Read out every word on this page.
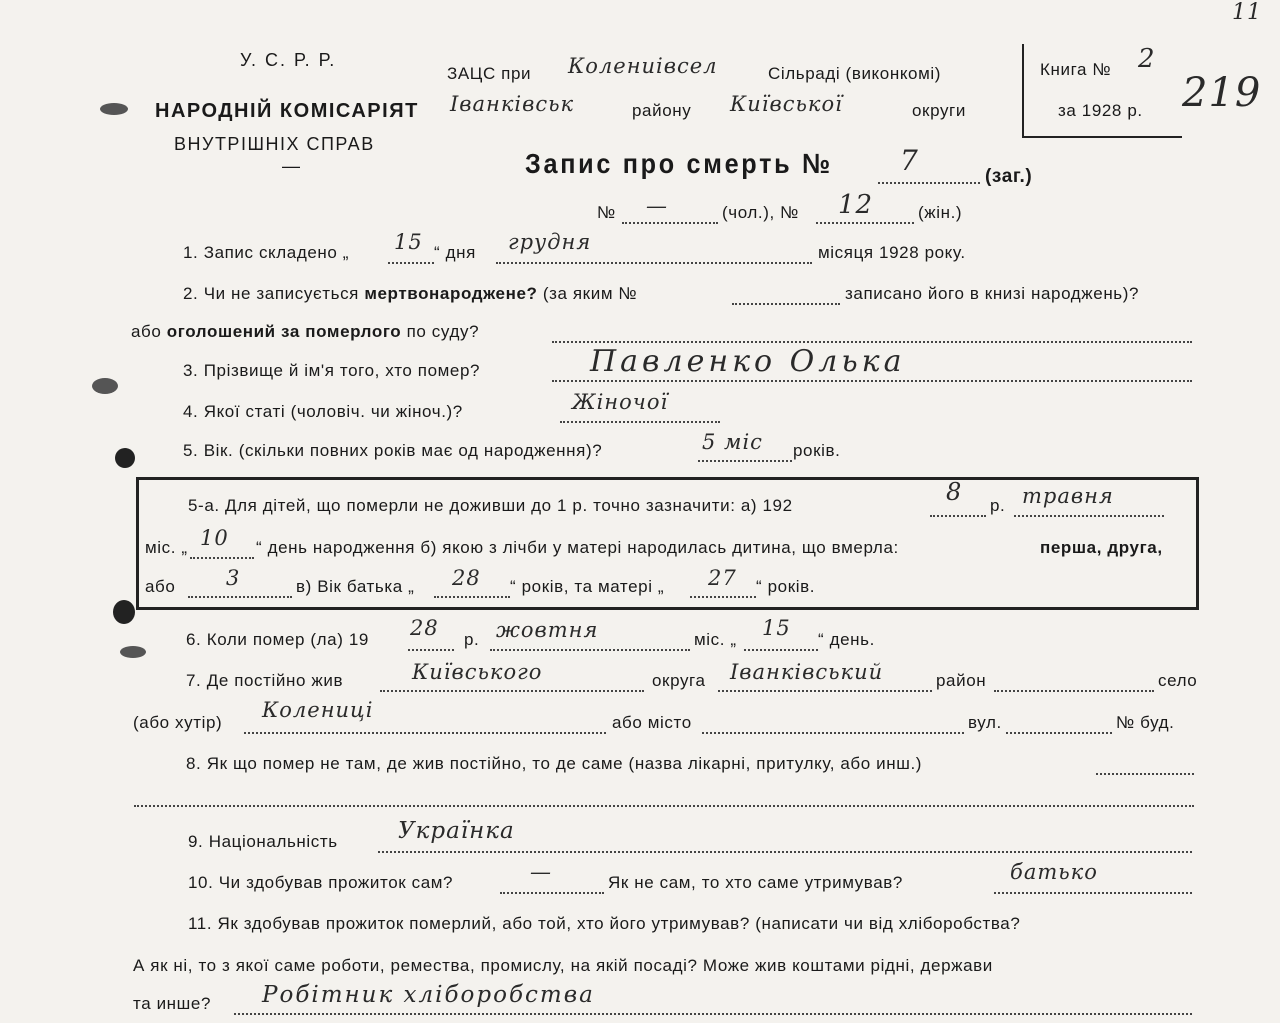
11
У. С. Р. Р.
НАРОДНІЙ КОМІСАРІЯТ
ВНУТРІШНІХ СПРАВ
—
ЗАЦС при Колениівсел	Сільраді (виконкомі)
Іванківськ	району Київської	округи
Книга № 2
за 1928 р. 219
Запис про смерть № 7	(заг.)
№ —	(чол.), № 12	(жін.)
1. Запис складено „ 15 “ дня грудня	місяця 1928 року.
2. Чи не записується мертвонароджене? (за яким №	записано його в книзі народжень)?
або оголошений за померлого по суду?
3. Прізвище й ім'я того, хто помер?	Павленко Олька
4. Якої статі (чоловіч. чи жіноч.)?	Жіночої
5. Вік. (скільки повних років має од народження)?	5 міс років.
5-а. Для дітей, що померли не доживши до 1 р. точно зазначити: а) 192	8 р. травня
міс. „ 10 “ день народження б) якою з лічби у матері народилась дитина, що вмерла:	перша, друга,
або 3	в) Вік батька „ 28 “ років, та матері „ 27 “ років.
6. Коли помер (ла) 19 28 р. жовтня	міс. „ 15 “ день.
7. Де постійно жив	Київського	округа Іванківський	район	село
(або хутір)
Колениці
або місто	вул.	№ буд.
8. Як що помер не там, де жив постійно, то де саме (назва лікарні, притулку, або инш.)
9. Національність	Українка
10. Чи здобував прожиток сам?	—	Як не сам, то хто саме утримував?	батько
11. Як здобував прожиток померлий, або той, хто його утримував? (написати чи від хліборобства?
А як ні, то з якої саме роботи, ремества, промислу, на якій посаді? Може жив коштами рідні, держави
та инше? Робітник хліборобства
